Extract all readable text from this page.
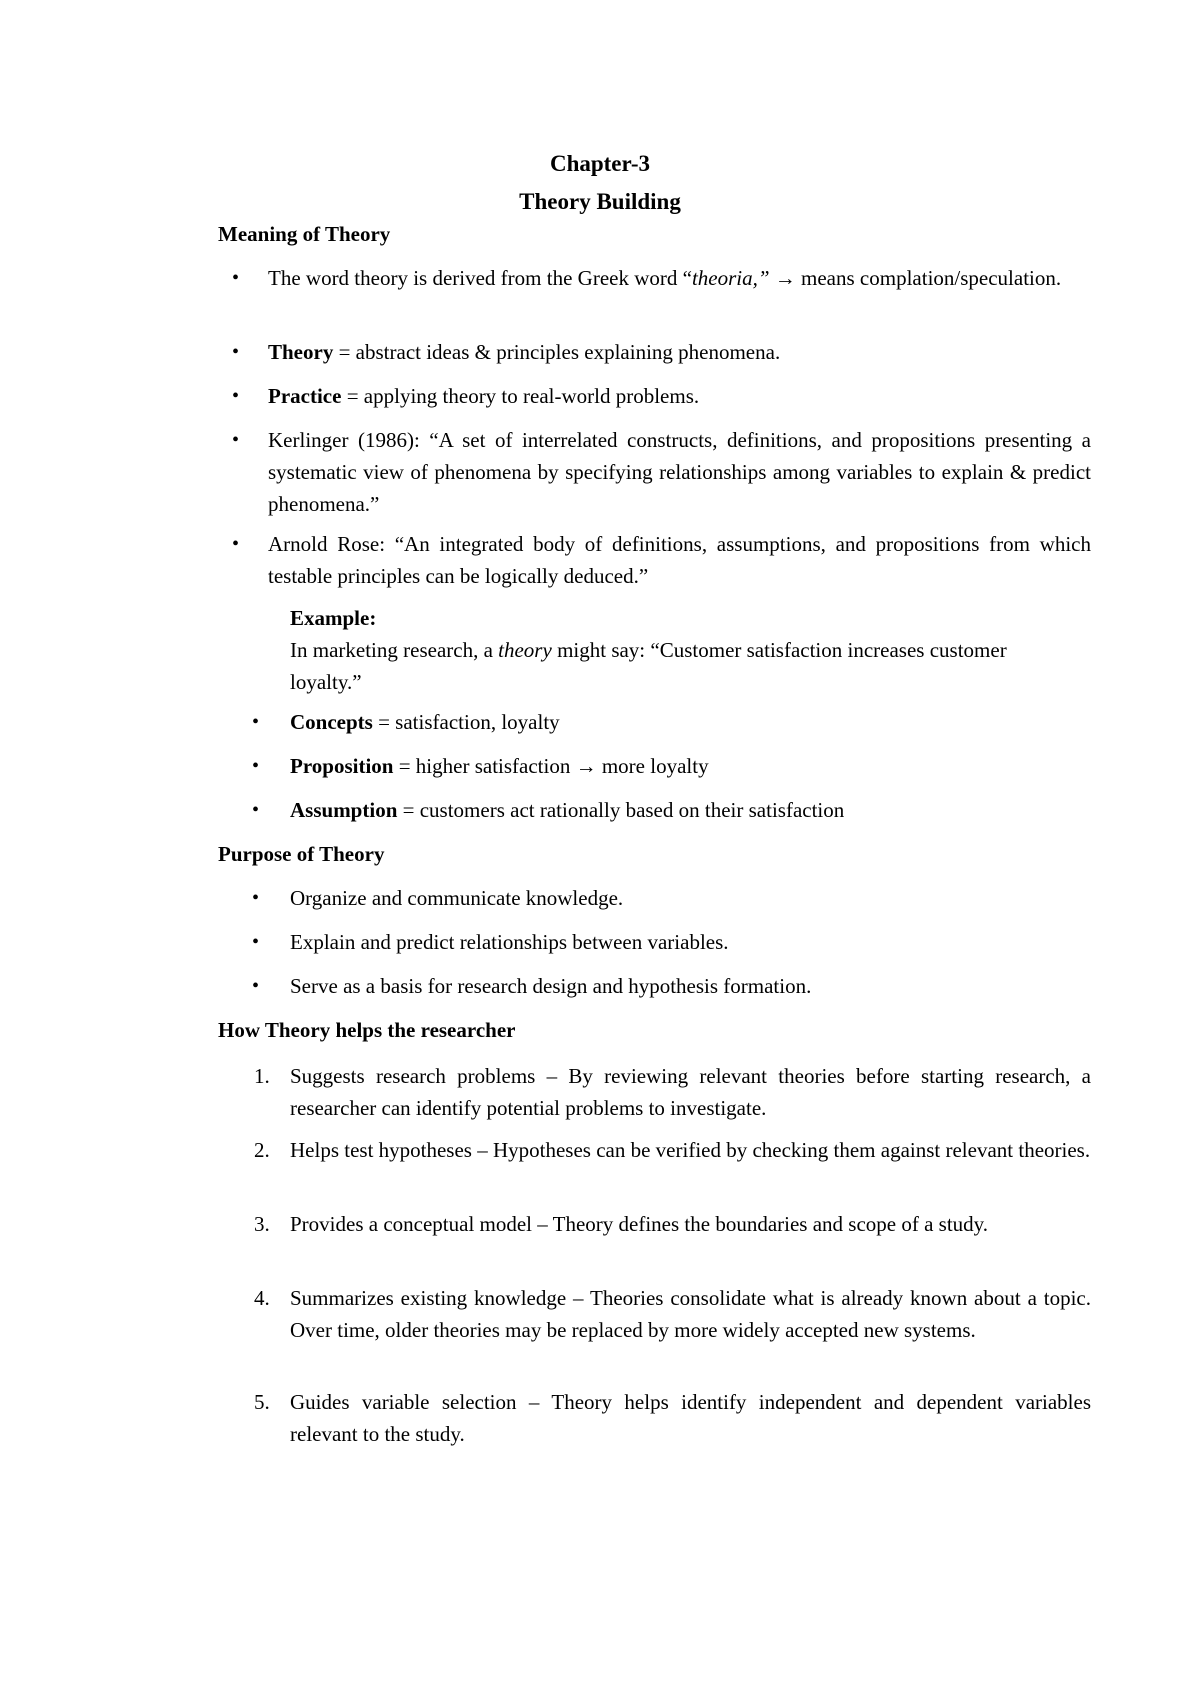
Chapter-3
Theory Building
Meaning of Theory
• The word theory is derived from the Greek word “theoria,” → means complation/speculation.
• Theory = abstract ideas & principles explaining phenomena.
• Practice = applying theory to real-world problems.
• Kerlinger (1986): “A set of interrelated constructs, definitions, and propositions presenting a systematic view of phenomena by specifying relationships among variables to explain & predict phenomena.”
• Arnold Rose: “An integrated body of definitions, assumptions, and propositions from which testable principles can be logically deduced.”
Example:
In marketing research, a theory might say: “Customer satisfaction increases customer loyalty.”
• Concepts = satisfaction, loyalty
• Proposition = higher satisfaction → more loyalty
• Assumption = customers act rationally based on their satisfaction
Purpose of Theory
• Organize and communicate knowledge.
• Explain and predict relationships between variables.
• Serve as a basis for research design and hypothesis formation.
How Theory helps the researcher
1. Suggests research problems – By reviewing relevant theories before starting research, a researcher can identify potential problems to investigate.
2. Helps test hypotheses – Hypotheses can be verified by checking them against relevant theories.
3. Provides a conceptual model – Theory defines the boundaries and scope of a study.
4. Summarizes existing knowledge – Theories consolidate what is already known about a topic. Over time, older theories may be replaced by more widely accepted new systems.
5. Guides variable selection – Theory helps identify independent and dependent variables relevant to the study.
